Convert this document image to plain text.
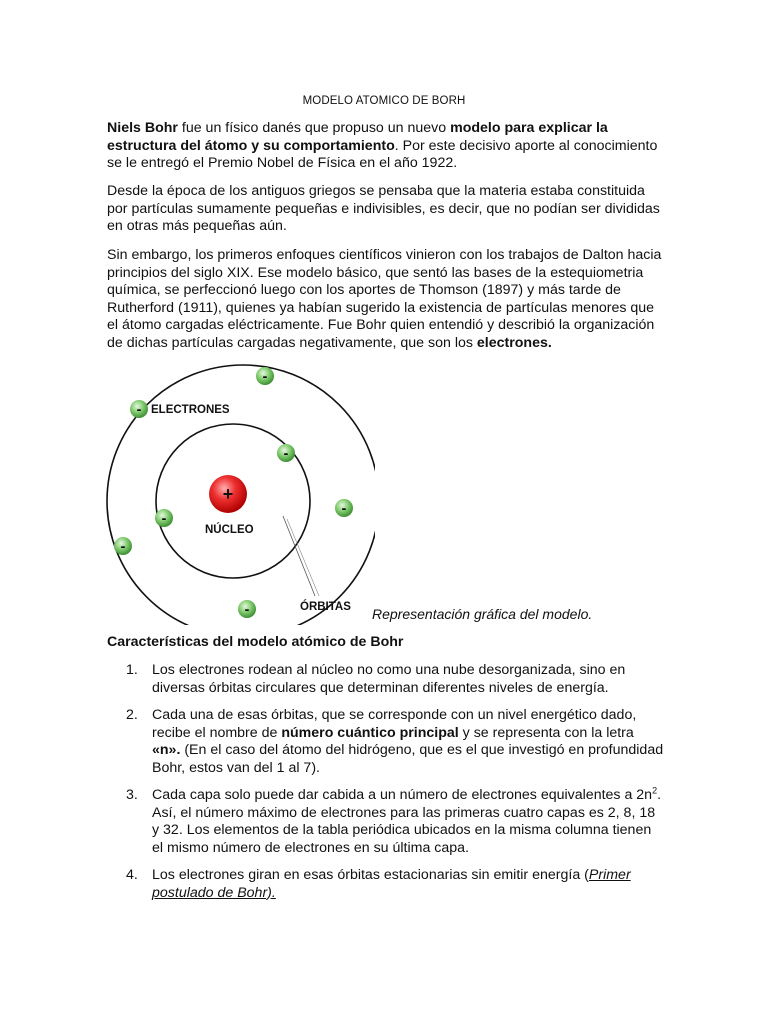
MODELO ATOMICO DE BORH
Niels Bohr fue un físico danés que propuso un nuevo modelo para explicar la estructura del átomo y su comportamiento. Por este decisivo aporte al conocimiento se le entregó el Premio Nobel de Física en el año 1922.
Desde la época de los antiguos griegos se pensaba que la materia estaba constituida por partículas sumamente pequeñas e indivisibles, es decir, que no podían ser divididas en otras más pequeñas aún.
Sin embargo, los primeros enfoques científicos vinieron con los trabajos de Dalton hacia principios del siglo XIX. Ese modelo básico, que sentó las bases de la estequiometria química, se perfeccionó luego con los aportes de Thomson (1897) y más tarde de Rutherford (1911), quienes ya habían sugerido la existencia de partículas menores que el átomo cargadas eléctricamente. Fue Bohr quien entendió y describió la organización de dichas partículas cargadas negativamente, que son los electrones.
+
NÚCLEO
ELECTRONES
ÓRBITAS
-
-
-
-
-
-
-	Representación gráfica del modelo.
Características del modelo atómico de Bohr
1. Los electrones rodean al núcleo no como una nube desorganizada, sino en diversas órbitas circulares que determinan diferentes niveles de energía.
2. Cada una de esas órbitas, que se corresponde con un nivel energético dado, recibe el nombre de número cuántico principal y se representa con la letra «n». (En el caso del átomo del hidrógeno, que es el que investigó en profundidad Bohr, estos van del 1 al 7).
3. Cada capa solo puede dar cabida a un número de electrones equivalentes a $2n^2$. Así, el número máximo de electrones para las primeras cuatro capas es 2, 8, 18 y 32. Los elementos de la tabla periódica ubicados en la misma columna tienen el mismo número de electrones en su última capa.
4. Los electrones giran en esas órbitas estacionarias sin emitir energía (Primer postulado de Bohr).
